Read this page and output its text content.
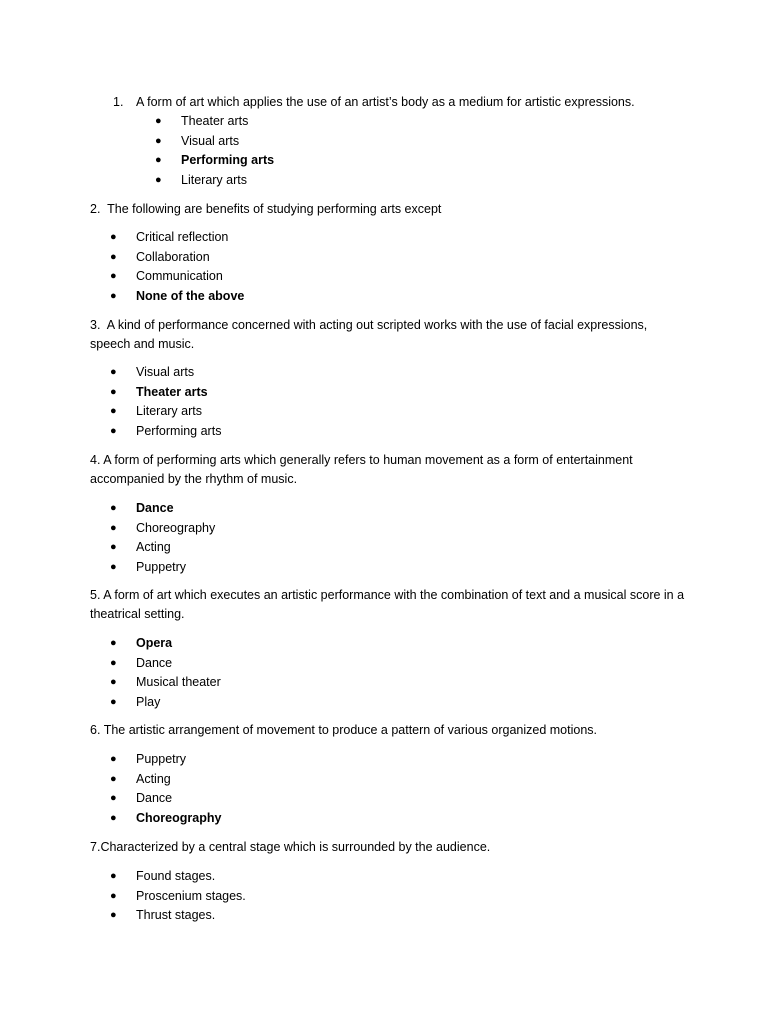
1. A form of art which applies the use of an artist’s body as a medium for artistic expressions.
● Theater arts
● Visual arts
● Performing arts
● Literary arts
2. The following are benefits of studying performing arts except
● Critical reflection
● Collaboration
● Communication
● None of the above
3. A kind of performance concerned with acting out scripted works with the use of facial expressions, speech and music.
● Visual arts
● Theater arts
● Literary arts
● Performing arts
4. A form of performing arts which generally refers to human movement as a form of entertainment accompanied by the rhythm of music.
● Dance
● Choreography
● Acting
● Puppetry
5. A form of art which executes an artistic performance with the combination of text and a musical score in a theatrical setting.
● Opera
● Dance
● Musical theater
● Play
6. The artistic arrangement of movement to produce a pattern of various organized motions.
● Puppetry
● Acting
● Dance
● Choreography
7.Characterized by a central stage which is surrounded by the audience.
● Found stages.
● Proscenium stages.
● Thrust stages.
